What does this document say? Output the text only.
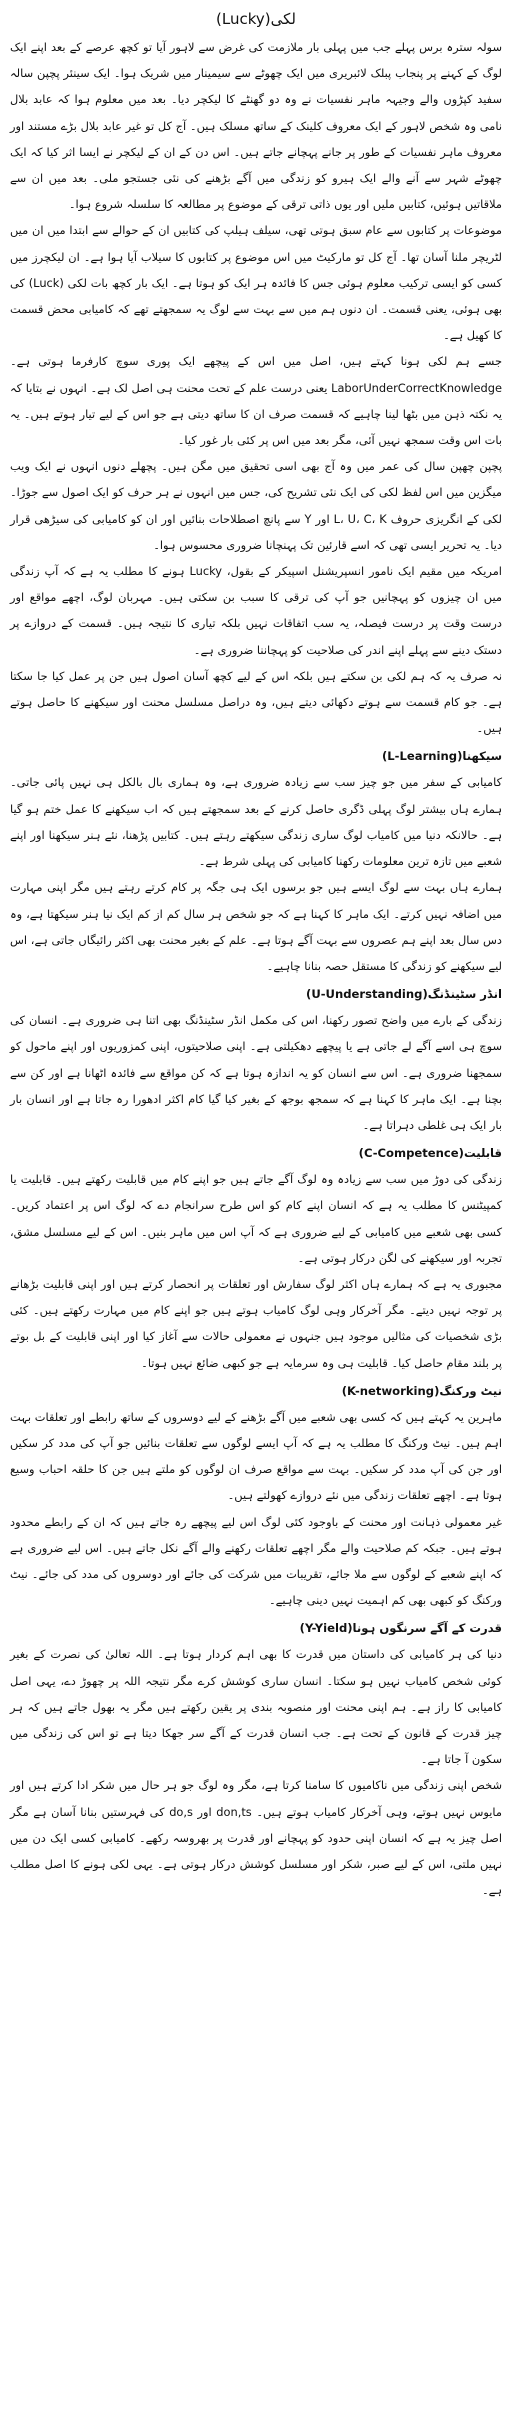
لکی(Lucky)

سولہ سترہ برس پہلے جب میں پہلی بار ملازمت کی غرض سے لاہور آیا تو کچھ عرصے کے بعد اپنے ایک لوگ کے کہنے پر پنجاب پبلک لائبریری میں ایک چھوٹے سے سیمینار میں شریک ہوا۔ ایک سینئر پچپن سالہ سفید کپڑوں والے وجیہہ ماہر نفسیات نے وہ دو گھنٹے کا لیکچر دیا۔ بعد میں معلوم ہوا کہ عابد بلال نامی وہ شخص لاہور کے ایک معروف کلینک کے ساتھ مسلک ہیں۔ آج کل تو غیر عابد بلال بڑے مستند اور معروف ماہر نفسیات کے طور پر جانے پہچانے جاتے ہیں۔ اس دن کے ان کے لیکچر نے ایسا اثر کیا کہ ایک چھوٹے شہر سے آنے والے ایک ہیرو کو زندگی میں آگے بڑھنے کی نئی جستجو ملی۔ بعد میں ان سے ملاقاتیں ہوئیں، کتابیں ملیں اور یوں ذاتی ترقی کے موضوع پر مطالعہ کا سلسلہ شروع ہوا۔

موضوعات پر کتابوں سے عام سبق ہوتی تھی، سیلف ہیلپ کی کتابیں ان کے حوالے سے ابتدا میں ان میں لٹریچر ملنا آسان تھا۔ آج کل تو مارکیٹ میں اس موضوع پر کتابوں کا سیلاب آیا ہوا ہے۔ ان لیکچرز میں کسی کو ایسی ترکیب معلوم ہوئی جس کا فائدہ ہر ایک کو ہوتا ہے۔ ایک بار کچھ بات لکی (Luck) کی بھی ہوئی، یعنی قسمت۔ ان دنوں ہم میں سے بہت سے لوگ یہ سمجھتے تھے کہ کامیابی محض قسمت کا کھیل ہے۔

جسے ہم لکی ہونا کہتے ہیں، اصل میں اس کے پیچھے ایک پوری سوچ کارفرما ہوتی ہے۔ LaborUnderCorrectKnowledge یعنی درست علم کے تحت محنت ہی اصل لک ہے۔ انہوں نے بتایا کہ یہ نکتہ ذہن میں بٹھا لینا چاہیے کہ قسمت صرف ان کا ساتھ دیتی ہے جو اس کے لیے تیار ہوتے ہیں۔ یہ بات اس وقت سمجھ نہیں آئی، مگر بعد میں اس پر کئی بار غور کیا۔

پچپن چھپن سال کی عمر میں وہ آج بھی اسی تحقیق میں مگن ہیں۔ پچھلے دنوں انہوں نے ایک ویب میگزین میں اس لفظ لکی کی ایک نئی تشریح کی، جس میں انہوں نے ہر حرف کو ایک اصول سے جوڑا۔ لکی کے انگریزی حروف L، U، C، K اور Y سے پانچ اصطلاحات بنائیں اور ان کو کامیابی کی سیڑھی قرار دیا۔ یہ تحریر ایسی تھی کہ اسے قارئین تک پہنچانا ضروری محسوس ہوا۔

امریکہ میں مقیم ایک نامور انسپریشنل اسپیکر کے بقول، Lucky ہونے کا مطلب یہ ہے کہ آپ زندگی میں ان چیزوں کو پہچانیں جو آپ کی ترقی کا سبب بن سکتی ہیں۔ مہربان لوگ، اچھے مواقع اور درست وقت پر درست فیصلہ، یہ سب اتفاقات نہیں بلکہ تیاری کا نتیجہ ہیں۔ قسمت کے دروازے پر دستک دینے سے پہلے اپنے اندر کی صلاحیت کو پہچاننا ضروری ہے۔

نہ صرف یہ کہ ہم لکی بن سکتے ہیں بلکہ اس کے لیے کچھ آسان اصول ہیں جن پر عمل کیا جا سکتا ہے۔ جو کام قسمت سے ہوتے دکھائی دیتے ہیں، وہ دراصل مسلسل محنت اور سیکھنے کا حاصل ہوتے ہیں۔

سیکھنا(L-Learning)

کامیابی کے سفر میں جو چیز سب سے زیادہ ضروری ہے، وہ ہماری بال بالکل ہی نہیں پائی جاتی۔ ہمارے ہاں بیشتر لوگ پہلی ڈگری حاصل کرنے کے بعد سمجھتے ہیں کہ اب سیکھنے کا عمل ختم ہو گیا ہے۔ حالانکہ دنیا میں کامیاب لوگ ساری زندگی سیکھتے رہتے ہیں۔ کتابیں پڑھنا، نئے ہنر سیکھنا اور اپنے شعبے میں تازہ ترین معلومات رکھنا کامیابی کی پہلی شرط ہے۔

ہمارے ہاں بہت سے لوگ ایسے ہیں جو برسوں ایک ہی جگہ پر کام کرتے رہتے ہیں مگر اپنی مہارت میں اضافہ نہیں کرتے۔ ایک ماہر کا کہنا ہے کہ جو شخص ہر سال کم از کم ایک نیا ہنر سیکھتا ہے، وہ دس سال بعد اپنے ہم عصروں سے بہت آگے ہوتا ہے۔ علم کے بغیر محنت بھی اکثر رائیگاں جاتی ہے، اس لیے سیکھنے کو زندگی کا مستقل حصہ بنانا چاہیے۔

انڈر سٹینڈنگ(U-Understanding)

زندگی کے بارے میں واضح تصور رکھنا، اس کی مکمل انڈر سٹینڈنگ بھی اتنا ہی ضروری ہے۔ انسان کی سوچ ہی اسے آگے لے جاتی ہے یا پیچھے دھکیلتی ہے۔ اپنی صلاحیتوں، اپنی کمزوریوں اور اپنے ماحول کو سمجھنا ضروری ہے۔ اس سے انسان کو یہ اندازہ ہوتا ہے کہ کن مواقع سے فائدہ اٹھانا ہے اور کن سے بچنا ہے۔ ایک ماہر کا کہنا ہے کہ سمجھ بوجھ کے بغیر کیا گیا کام اکثر ادھورا رہ جاتا ہے اور انسان بار بار ایک ہی غلطی دہراتا ہے۔

قابلیت(C-Competence)

زندگی کی دوڑ میں سب سے زیادہ وہ لوگ آگے جاتے ہیں جو اپنے کام میں قابلیت رکھتے ہیں۔ قابلیت یا کمپیٹنس کا مطلب یہ ہے کہ انسان اپنے کام کو اس طرح سرانجام دے کہ لوگ اس پر اعتماد کریں۔ کسی بھی شعبے میں کامیابی کے لیے ضروری ہے کہ آپ اس میں ماہر بنیں۔ اس کے لیے مسلسل مشق، تجربہ اور سیکھنے کی لگن درکار ہوتی ہے۔

مجبوری یہ ہے کہ ہمارے ہاں اکثر لوگ سفارش اور تعلقات پر انحصار کرتے ہیں اور اپنی قابلیت بڑھانے پر توجہ نہیں دیتے۔ مگر آخرکار وہی لوگ کامیاب ہوتے ہیں جو اپنے کام میں مہارت رکھتے ہیں۔ کئی بڑی شخصیات کی مثالیں موجود ہیں جنہوں نے معمولی حالات سے آغاز کیا اور اپنی قابلیت کے بل بوتے پر بلند مقام حاصل کیا۔ قابلیت ہی وہ سرمایہ ہے جو کبھی ضائع نہیں ہوتا۔

نیٹ ورکنگ(K-networking)

ماہرین یہ کہتے ہیں کہ کسی بھی شعبے میں آگے بڑھنے کے لیے دوسروں کے ساتھ رابطے اور تعلقات بہت اہم ہیں۔ نیٹ ورکنگ کا مطلب یہ ہے کہ آپ ایسے لوگوں سے تعلقات بنائیں جو آپ کی مدد کر سکیں اور جن کی آپ مدد کر سکیں۔ بہت سے مواقع صرف ان لوگوں کو ملتے ہیں جن کا حلقہ احباب وسیع ہوتا ہے۔ اچھے تعلقات زندگی میں نئے دروازے کھولتے ہیں۔

غیر معمولی ذہانت اور محنت کے باوجود کئی لوگ اس لیے پیچھے رہ جاتے ہیں کہ ان کے رابطے محدود ہوتے ہیں۔ جبکہ کم صلاحیت والے مگر اچھے تعلقات رکھنے والے آگے نکل جاتے ہیں۔ اس لیے ضروری ہے کہ اپنے شعبے کے لوگوں سے ملا جائے، تقریبات میں شرکت کی جائے اور دوسروں کی مدد کی جائے۔ نیٹ ورکنگ کو کبھی بھی کم اہمیت نہیں دینی چاہیے۔

قدرت کے آگے سرنگوں ہونا(Y-Yield)

دنیا کی ہر کامیابی کی داستان میں قدرت کا بھی اہم کردار ہوتا ہے۔ اللہ تعالیٰ کی نصرت کے بغیر کوئی شخص کامیاب نہیں ہو سکتا۔ انسان ساری کوشش کرے مگر نتیجہ اللہ پر چھوڑ دے، یہی اصل کامیابی کا راز ہے۔ ہم اپنی محنت اور منصوبہ بندی پر یقین رکھتے ہیں مگر یہ بھول جاتے ہیں کہ ہر چیز قدرت کے قانون کے تحت ہے۔ جب انسان قدرت کے آگے سر جھکا دیتا ہے تو اس کی زندگی میں سکون آ جاتا ہے۔

شخص اپنی زندگی میں ناکامیوں کا سامنا کرتا ہے، مگر وہ لوگ جو ہر حال میں شکر ادا کرتے ہیں اور مایوس نہیں ہوتے، وہی آخرکار کامیاب ہوتے ہیں۔ don,ts اور do,s کی فہرستیں بنانا آسان ہے مگر اصل چیز یہ ہے کہ انسان اپنی حدود کو پہچانے اور قدرت پر بھروسہ رکھے۔ کامیابی کسی ایک دن میں نہیں ملتی، اس کے لیے صبر، شکر اور مسلسل کوشش درکار ہوتی ہے۔ یہی لکی ہونے کا اصل مطلب ہے۔
